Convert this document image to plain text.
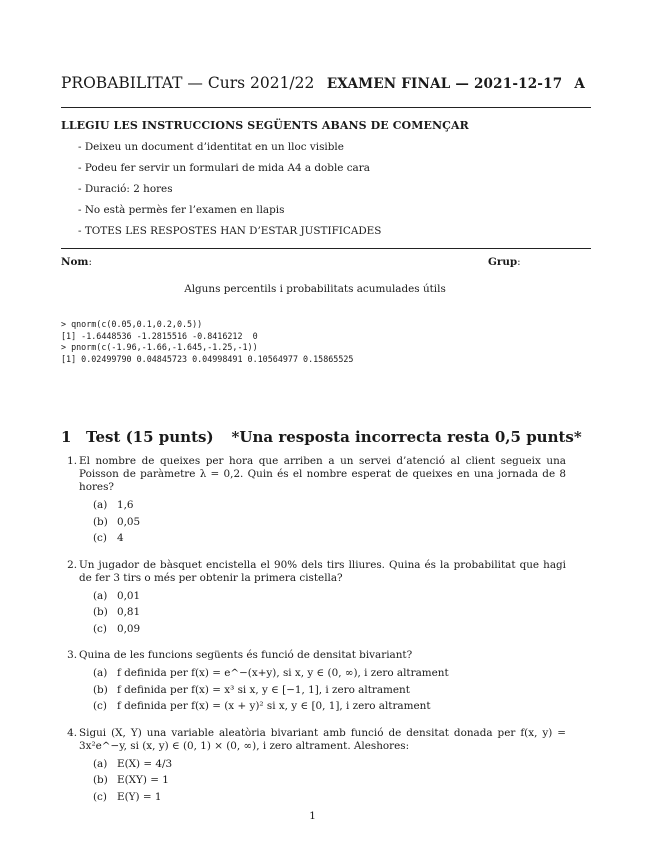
PROBABILITAT — Curs 2021/22 EXAMEN FINAL — 2021-12-17 A
LLEGIU LES INSTRUCCIONS SEGÜENTS ABANS DE COMENÇAR
- Deixeu un document d’identitat en un lloc visible
- Podeu fer servir un formulari de mida A4 a doble cara
- Duració: 2 hores
- No està permès fer l’examen en llapis
- TOTES LES RESPOSTES HAN D’ESTAR JUSTIFICADES
Nom:	Grup:
Alguns percentils i probabilitats acumulades útils
> qnorm(c(0.05,0.1,0.2,0.5))
[1] -1.6448536 -1.2815516 -0.8416212  0
> pnorm(c(-1.96,-1.66,-1.645,-1.25,-1))
[1] 0.02499790 0.04845723 0.04998491 0.10564977 0.15865525
1 Test (15 punts) *Una resposta incorrecta resta 0,5 punts*
1. El nombre de queixes per hora que arriben a un servei d’atenció al client segueix una Poisson de paràmetre λ = 0,2. Quin és el nombre esperat de queixes en una jornada de 8 hores?
(a) 1,6
(b) 0,05
(c) 4
2. Un jugador de bàsquet encistella el 90% dels tirs lliures. Quina és la probabilitat que hagi de fer 3 tirs o més per obtenir la primera cistella?
(a) 0,01
(b) 0,81
(c) 0,09
3. Quina de les funcions següents és funció de densitat bivariant?
(a) f definida per f(x) = e^−(x+y), si x, y ∈ (0, ∞), i zero altrament
(b) f definida per f(x) = x³ si x, y ∈ [−1, 1], i zero altrament
(c) f definida per f(x) = (x + y)² si x, y ∈ [0, 1], i zero altrament
4. Sigui (X, Y) una variable aleatòria bivariant amb funció de densitat donada per f(x, y) = 3x²e^−y, si (x, y) ∈ (0, 1) × (0, ∞), i zero altrament. Aleshores:
(a) E(X) = 4/3
(b) E(XY) = 1
(c) E(Y) = 1
1
